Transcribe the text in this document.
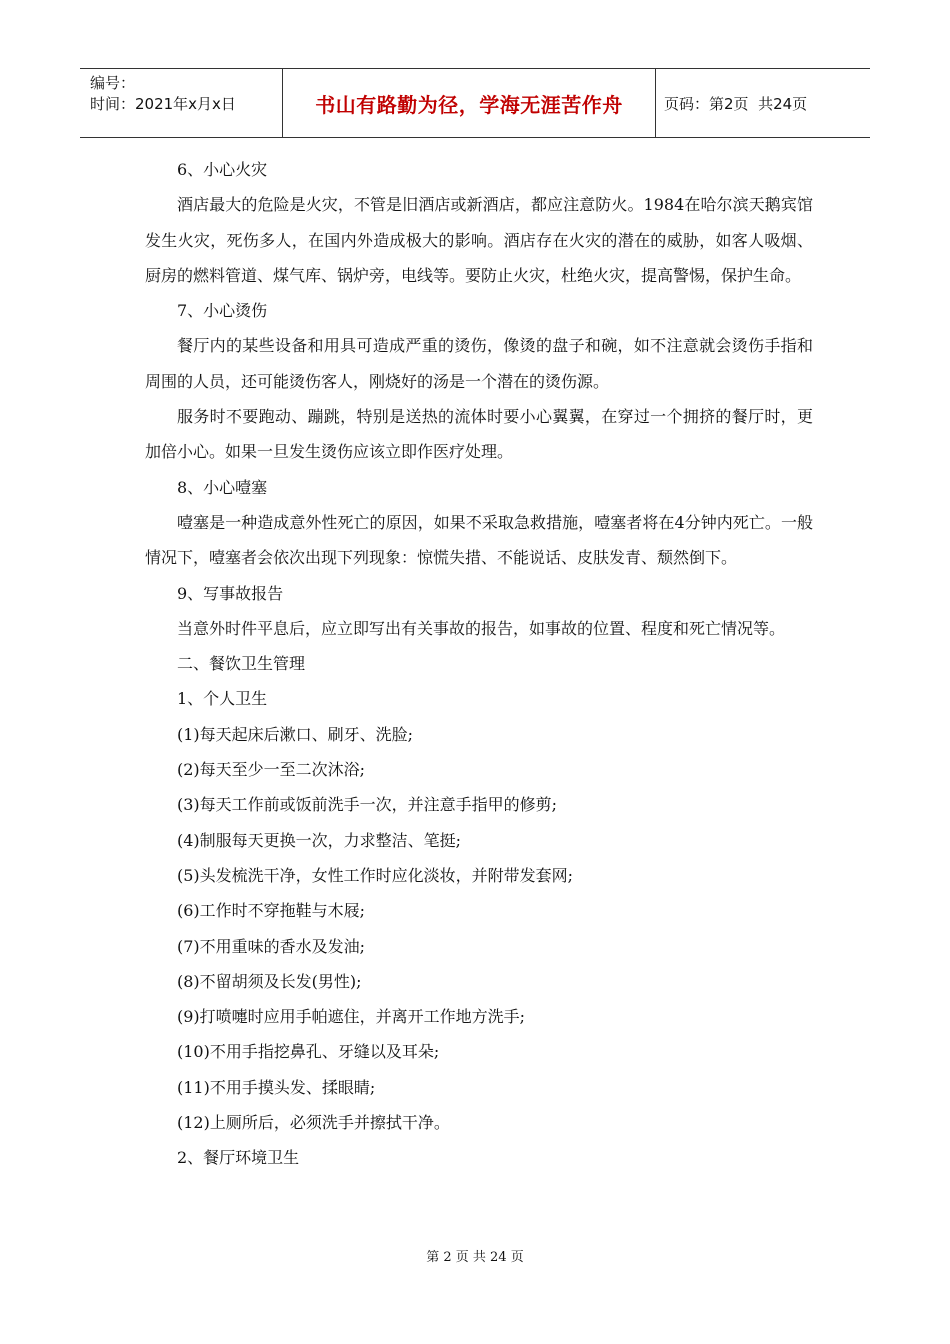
编号：
时间：2021年x月x日	书山有路勤为径，学海无涯苦作舟	页码：第2页  共24页

6、小心火灾

酒店最大的危险是火灾，不管是旧酒店或新酒店，都应注意防火。1984在哈尔滨天鹅宾馆发生火灾，死伤多人，在国内外造成极大的影响。酒店存在火灾的潜在的威胁，如客人吸烟、厨房的燃料管道、煤气库、锅炉旁，电线等。要防止火灾，杜绝火灾，提高警惕，保护生命。

7、小心烫伤

餐厅内的某些设备和用具可造成严重的烫伤，像烫的盘子和碗，如不注意就会烫伤手指和周围的人员，还可能烫伤客人，刚烧好的汤是一个潜在的烫伤源。

服务时不要跑动、蹦跳，特别是送热的流体时要小心翼翼，在穿过一个拥挤的餐厅时，更加倍小心。如果一旦发生烫伤应该立即作医疗处理。

8、小心噎塞

噎塞是一种造成意外性死亡的原因，如果不采取急救措施，噎塞者将在4分钟内死亡。一般情况下，噎塞者会依次出现下列现象：惊慌失措、不能说话、皮肤发青、颓然倒下。

9、写事故报告

当意外时件平息后，应立即写出有关事故的报告，如事故的位置、程度和死亡情况等。

二、餐饮卫生管理

1、个人卫生

(1)每天起床后漱口、刷牙、洗脸;

(2)每天至少一至二次沐浴;

(3)每天工作前或饭前洗手一次，并注意手指甲的修剪;

(4)制服每天更换一次，力求整洁、笔挺;

(5)头发梳洗干净，女性工作时应化淡妆，并附带发套网;

(6)工作时不穿拖鞋与木屐;

(7)不用重味的香水及发油;

(8)不留胡须及长发(男性);

(9)打喷嚏时应用手帕遮住，并离开工作地方洗手;

(10)不用手指挖鼻孔、牙缝以及耳朵;

(11)不用手摸头发、揉眼睛;

(12)上厕所后，必须洗手并擦拭干净。

2、餐厅环境卫生

第 2 页 共 24 页
